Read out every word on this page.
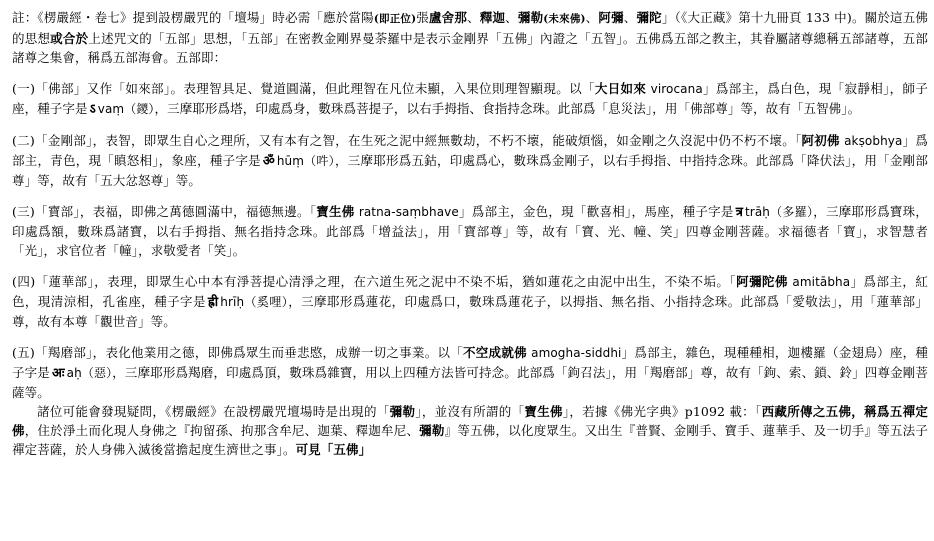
註：《楞嚴經・卷七》提到設楞嚴咒的「壇場」時必需「應於當陽(即正位)張盧舍那、釋迦、彌勒(未來佛)、阿彌、彌陀」（《大正藏》第十九冊頁 133 中)。關於這五佛的思想或合於上述咒文的「五部」思想，「五部」在密教金剛界曼荼羅中是表示金剛界「五佛」內證之「五智」。五佛爲五部之教主，其眷屬諸尊總稱五部諸尊，五部諸尊之集會，稱爲五部海會。五部即：

(一)「佛部」又作「如來部」。表理智具足、覺道圓滿，但此理智在凡位未顯，入果位則理智顯現。以「大日如來 virocana」爲部主，爲白色，現「寂靜相」，師子座，種子字是 ऽ vaṃ（鑁），三摩耶形爲塔，印處爲身，數珠爲菩提子，以右手拇指、食指持念珠。此部爲「息災法」，用「佛部尊」等，故有「五智佛」。

(二)「金剛部」，表智，即眾生自心之理所，又有本有之智，在生死之泥中經無數劫，不朽不壞，能破煩惱，如金剛之久沒泥中仍不朽不壞。「阿初佛 akṣobhya」爲部主，青色，現「瞋怒相」，象座，種子字是 ॐ hūṃ（吽），三摩耶形爲五鈷，印處爲心，數珠爲金剛子，以右手拇指、中指持念珠。此部爲「降伏法」，用「金剛部尊」等，故有「五大忿怒尊」等。

(三)「寶部」，表福，即佛之萬德圓滿中，福德無邊。「寶生佛 ratna-saṃbhave」爲部主，金色，現「歡喜相」，馬座，種子字是 त्र trāḥ（多羅），三摩耶形爲寶珠，印處爲額，數珠爲諸寶，以右手拇指、無名指持念珠。此部爲「增益法」，用「寶部尊」等，故有「寶、光、幢、笑」四尊金剛菩薩。求福德者「寶」，求智慧者「光」，求官位者「幢」，求敬愛者「笑」。

(四)「蓮華部」，表理，即眾生心中本有淨菩提心清淨之理，在六道生死之泥中不染不垢，猶如蓮花之由泥中出生，不染不垢。「阿彌陀佛 amitābha」爲部主，紅色，現清涼相，孔雀座，種子字是 ह्री hrīḥ（奚哩），三摩耶形爲蓮花，印處爲口，數珠爲蓮花子，以拇指、無名指、小指持念珠。此部爲「愛敬法」，用「蓮華部」尊，故有本尊「觀世音」等。

(五)「羯磨部」，表化他業用之德，即佛爲眾生而垂悲愍，成辦一切之事業。以「不空成就佛 amogha-siddhi」爲部主，雜色，現種種相，迦樓羅（金翅鳥）座，種子字是 अः aḥ（惡），三摩耶形爲羯磨，印處爲頂，數珠爲雜寶，用以上四種方法皆可持念。此部爲「鉤召法」，用「羯磨部」尊，故有「鉤、索、鎖、鈴」四尊金剛菩薩等。

諸位可能會發現疑問，《楞嚴經》在設楞嚴咒壇場時是出現的「彌勒」，並沒有所謂的「寶生佛」，若據《佛光字典》p1092 載：「西藏所傳之五佛，稱爲五禪定佛，住於淨土而化現人身佛之『拘留孫、拘那含牟尼、迦葉、釋迦牟尼、彌勒』等五佛，以化度眾生。又出生『普賢、金剛手、寶手、蓮華手、及一切手』等五法子禪定菩薩，於人身佛入滅後當擔起度生濟世之事」。可見「五佛」
